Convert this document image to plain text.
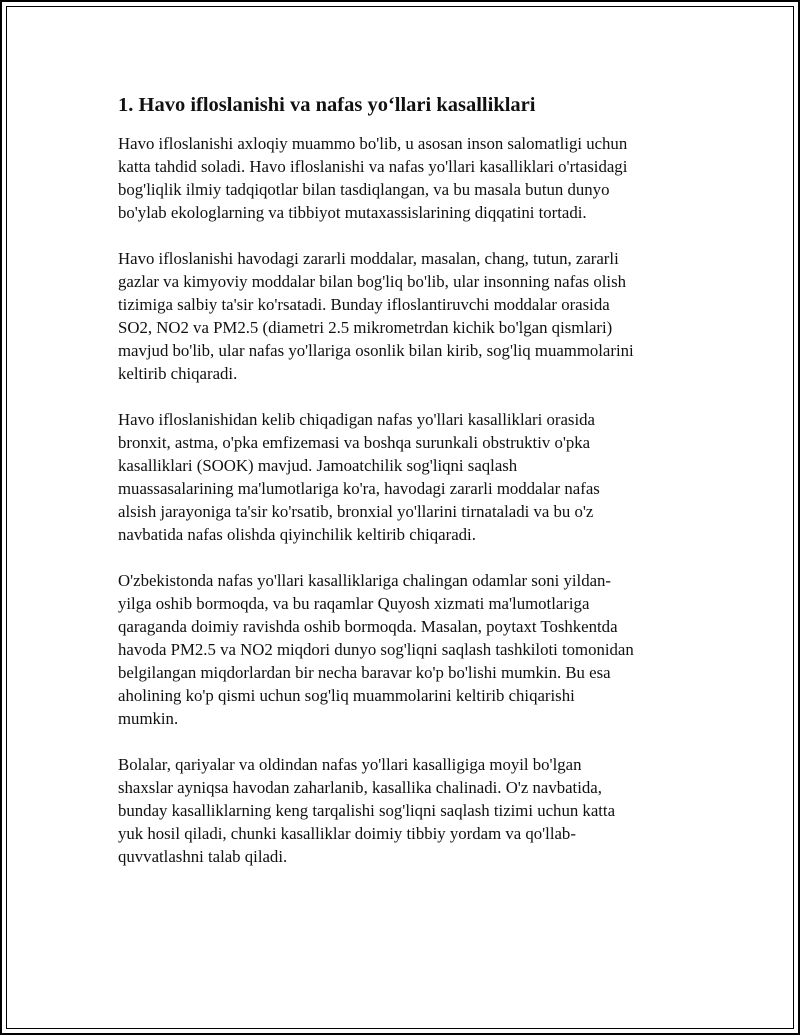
1. Havo ifloslanishi va nafas yoʻllari kasalliklari

Havo ifloslanishi axloqiy muammo bo'lib, u asosan inson salomatligi uchun
katta tahdid soladi. Havo ifloslanishi va nafas yo'llari kasalliklari o'rtasidagi
bog'liqlik ilmiy tadqiqotlar bilan tasdiqlangan, va bu masala butun dunyo
bo'ylab ekologlarning va tibbiyot mutaxassislarining diqqatini tortadi.

Havo ifloslanishi havodagi zararli moddalar, masalan, chang, tutun, zararli
gazlar va kimyoviy moddalar bilan bog'liq bo'lib, ular insonning nafas olish
tizimiga salbiy ta'sir ko'rsatadi. Bunday ifloslantiruvchi moddalar orasida
SO2, NO2 va PM2.5 (diametri 2.5 mikrometrdan kichik bo'lgan qismlari)
mavjud bo'lib, ular nafas yo'llariga osonlik bilan kirib, sog'liq muammolarini
keltirib chiqaradi.

Havo ifloslanishidan kelib chiqadigan nafas yo'llari kasalliklari orasida
bronxit, astma, o'pka emfizemasi va boshqa surunkali obstruktiv o'pka
kasalliklari (SOOK) mavjud. Jamoatchilik sog'liqni saqlash
muassasalarining ma'lumotlariga ko'ra, havodagi zararli moddalar nafas
alsish jarayoniga ta'sir ko'rsatib, bronxial yo'llarini tirnataladi va bu o'z
navbatida nafas olishda qiyinchilik keltirib chiqaradi.

O'zbekistonda nafas yo'llari kasalliklariga chalingan odamlar soni yildan-
yilga oshib bormoqda, va bu raqamlar Quyosh xizmati ma'lumotlariga
qaraganda doimiy ravishda oshib bormoqda. Masalan, poytaxt Toshkentda
havoda PM2.5 va NO2 miqdori dunyo sog'liqni saqlash tashkiloti tomonidan
belgilangan miqdorlardan bir necha baravar ko'p bo'lishi mumkin. Bu esa
aholining ko'p qismi uchun sog'liq muammolarini keltirib chiqarishi
mumkin.

Bolalar, qariyalar va oldindan nafas yo'llari kasalligiga moyil bo'lgan
shaxslar ayniqsa havodan zaharlanib, kasallika chalinadi. O'z navbatida,
bunday kasalliklarning keng tarqalishi sog'liqni saqlash tizimi uchun katta
yuk hosil qiladi, chunki kasalliklar doimiy tibbiy yordam va qo'llab-
quvvatlashni talab qiladi.
